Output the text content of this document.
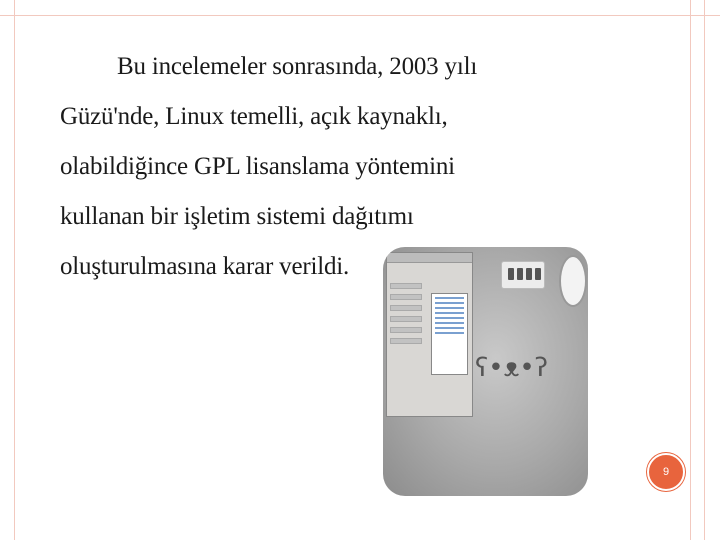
Bu incelemeler sonrasında, 2003 yılı
Güzü'nde, Linux temelli, açık kaynaklı,
olabildiğince GPL lisanslama yöntemini
kullanan bir işletim sistemi dağıtımı
oluşturulmasına karar verildi.
ʕ•ᴥ•ʔ
9
